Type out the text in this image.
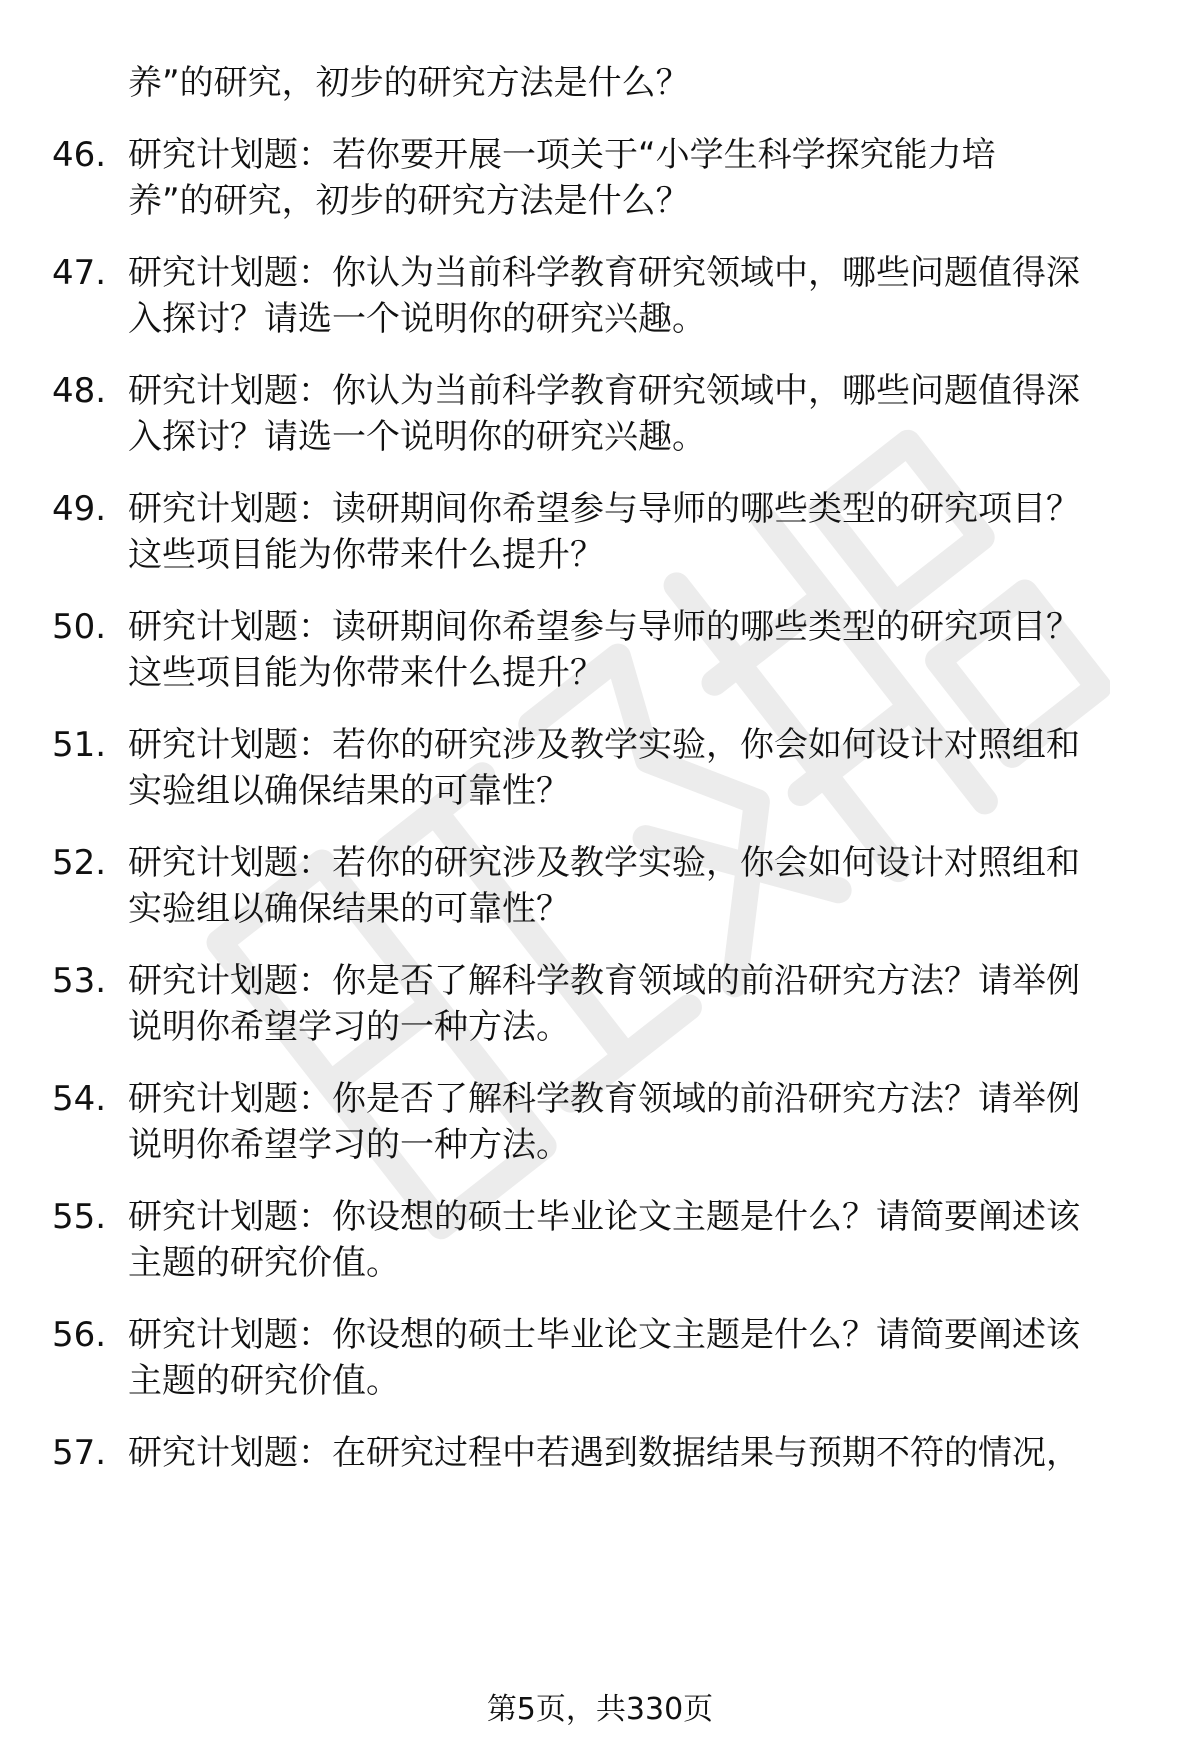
养”的研究，初步的研究方法是什么？
46. 研究计划题：若你要开展一项关于“小学生科学探究能力培
养”的研究，初步的研究方法是什么？
47. 研究计划题：你认为当前科学教育研究领域中，哪些问题值得深
入探讨？请选一个说明你的研究兴趣。
48. 研究计划题：你认为当前科学教育研究领域中，哪些问题值得深
入探讨？请选一个说明你的研究兴趣。
49. 研究计划题：读研期间你希望参与导师的哪些类型的研究项目？
这些项目能为你带来什么提升？
50. 研究计划题：读研期间你希望参与导师的哪些类型的研究项目？
这些项目能为你带来什么提升？
51. 研究计划题：若你的研究涉及教学实验，你会如何设计对照组和
实验组以确保结果的可靠性？
52. 研究计划题：若你的研究涉及教学实验，你会如何设计对照组和
实验组以确保结果的可靠性？
53. 研究计划题：你是否了解科学教育领域的前沿研究方法？请举例
说明你希望学习的一种方法。
54. 研究计划题：你是否了解科学教育领域的前沿研究方法？请举例
说明你希望学习的一种方法。
55. 研究计划题：你设想的硕士毕业论文主题是什么？请简要阐述该
主题的研究价值。
56. 研究计划题：你设想的硕士毕业论文主题是什么？请简要阐述该
主题的研究价值。
57. 研究计划题：在研究过程中若遇到数据结果与预期不符的情况，
第5页，共330页
